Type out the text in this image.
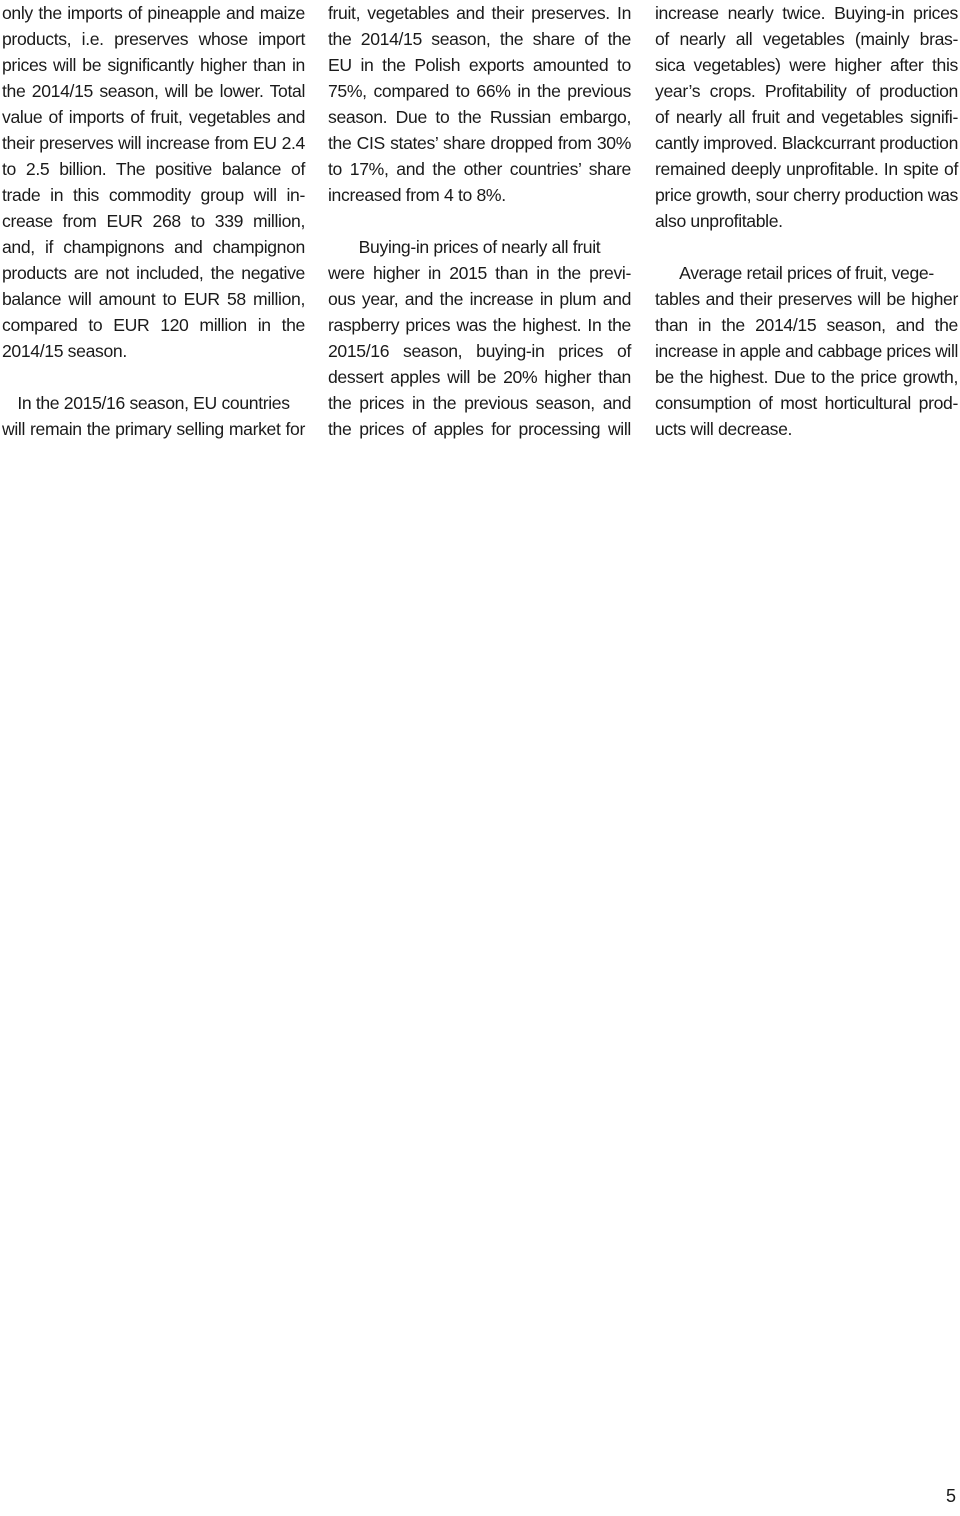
only the imports of pineapple and maize
products, i.e. preserves whose import
prices will be significantly higher than in
the 2014/15 season, will be lower. Total
value of imports of fruit, vegetables and
their preserves will increase from EU 2.4
to 2.5 billion. The positive balance of
trade in this commodity group will in-
crease from EUR 268 to 339 million,
and, if champignons and champignon
products are not included, the negative
balance will amount to EUR 58 million,
compared to EUR 120 million in the
2014/15 season.
In the 2015/16 season, EU countries
will remain the primary selling market for
fruit, vegetables and their preserves. In
the 2014/15 season, the share of the
EU in the Polish exports amounted to
75%, compared to 66% in the previous
season. Due to the Russian embargo,
the CIS states’ share dropped from 30%
to 17%, and the other countries’ share
increased from 4 to 8%.
Buying-in prices of nearly all fruit
were higher in 2015 than in the previ-
ous year, and the increase in plum and
raspberry prices was the highest. In the
2015/16 season, buying-in prices of
dessert apples will be 20% higher than
the prices in the previous season, and
the prices of apples for processing will
increase nearly twice. Buying-in prices
of nearly all vegetables (mainly bras-
sica vegetables) were higher after this
year’s crops. Profitability of production
of nearly all fruit and vegetables signifi-
cantly improved. Blackcurrant production
remained deeply unprofitable. In spite of
price growth, sour cherry production was
also unprofitable.
Average retail prices of fruit, vege-
tables and their preserves will be higher
than in the 2014/15 season, and the
increase in apple and cabbage prices will
be the highest. Due to the price growth,
consumption of most horticultural prod-
ucts will decrease.
5
